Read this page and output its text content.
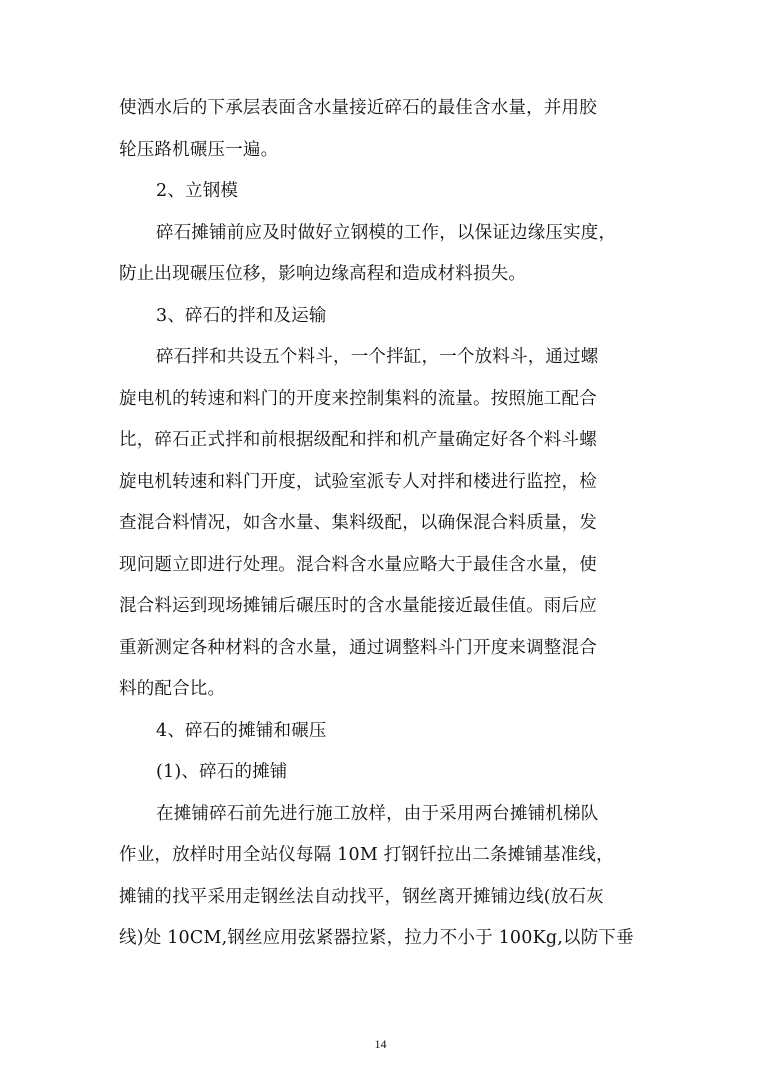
使洒水后的下承层表面含水量接近碎石的最佳含水量，并用胶
轮压路机碾压一遍。
2、立钢模
碎石摊铺前应及时做好立钢模的工作，以保证边缘压实度，
防止出现碾压位移，影响边缘高程和造成材料损失。
3、碎石的拌和及运输
碎石拌和共设五个料斗，一个拌缸，一个放料斗，通过螺
旋电机的转速和料门的开度来控制集料的流量。按照施工配合
比，碎石正式拌和前根据级配和拌和机产量确定好各个料斗螺
旋电机转速和料门开度，试验室派专人对拌和楼进行监控，检
查混合料情况，如含水量、集料级配，以确保混合料质量，发
现问题立即进行处理。混合料含水量应略大于最佳含水量，使
混合料运到现场摊铺后碾压时的含水量能接近最佳值。雨后应
重新测定各种材料的含水量，通过调整料斗门开度来调整混合
料的配合比。
4、碎石的摊铺和碾压
(1)、碎石的摊铺
在摊铺碎石前先进行施工放样，由于采用两台摊铺机梯队
作业，放样时用全站仪每隔 10M 打钢钎拉出二条摊铺基准线，
摊铺的找平采用走钢丝法自动找平，钢丝离开摊铺边线(放石灰
线)处 10CM,钢丝应用弦紧器拉紧，拉力不小于 100Kg,以防下垂
14
